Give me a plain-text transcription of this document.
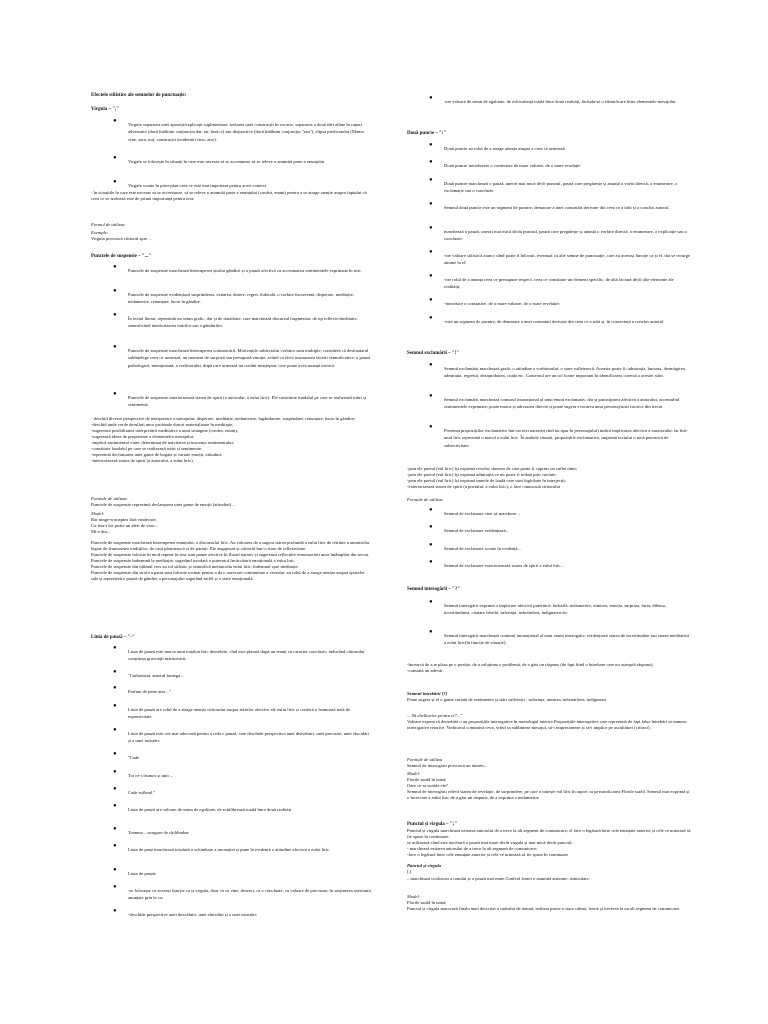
Efectele stilistice ale semnelor de punctuație:
Virgula – ","
●
Virgula separarea unei apoziții/explicații suplimentare, izolarea unei construcții în vocativ, separarea a două idei aflate în raport adversativ (dacă întâlnim conjuncția dar, iar, însă,ci) sau disjunctive (dacă întâlnim conjuncția "sau"), elipsa predicatului (Mama vine, sora, nu), construcții incidentă (vino, zise).
●
Virgula se folosește în situații în care este necesar să se accentueze să se releve o anumită parte a enunțului.
●
Virgula scoate în prim-plan ceea ce este mai important pentru acest context.
- în situațiile în care este necesar să se accentueze, să se releve o anumită parte a enunțului (cuvânt, enunț) pentru a se atrage atenție asupra faptului că ceea ce se izolează este de primă importanță pentru text;
Formul de utilizat:
Exemple:
Virgula provoacă cititorul spre ...
Punctele de suspensie – "..."
●
Punctele de suspensie marchează întreruperea șirului gândirii și o pauză afectivă cu accentuarea sentimentele exprimate în text.
●
Punctele de suspensie evidențiază surprinderea, ezitarea, durere, regret, îndoială, o vorbire încoerentă, disperare, meditație, nedumerire, renunțare, lucru în gândire.
●
În textul literar, reprezintă un semn grafic, dar și de tonalitate, care marchează discursul fragmentar, de tip reflexiv/meditativ, semnificând interiorizarea trăirilor sau a gândurilor.
●
Punctele de suspensie marchează întreruperea comunicării. Motivațiile subiectului vorbitor sunt multiple; consideră că destinatarul subînțelege ceea ce urmează; un moment de surpriză sau presupusă emoție, având ca efect instaurarea tăcerii semnificative; o pauză psihologică, intenționată; a vorbitorului, după care urmează un cuvânt neașteptat, care poate avea nuanță ironică.
●
Punctele de suspensie interiorizează starea de spirit (a autorului, a eului liric). Ele constituie fundalul pe care se realizează trăiri și sentimente.
- deschid diverse perspective de interpretare a mesajului: disperare, meditație, nedumerire, îngândurare, suspendare, renunțare, lucru în gândire;
-deschid unde verde derulării unor profunde durori materializate în meditație;
-sugerează posibilitatea interpretării meditative a unui sintagme (cuvânt, enunț);
-sugerează ideea de proprietate a elementelor mesajului;
-implică sentimentul vinei, determinat de naivitatea și inocența sentimentului;
-constituie fundalul pe care se realizează trăiri și sentimente;
-reprezintă declanșarea unei game de bogate și variate emoții, atitudini;
-interiorizează starea de spirit (a autorului, a eului liric)
Formule de utilizat:
Punctele de suspensie reprezintă declanșarea unei game de emoții (atitudini) ...
Model:
Rar ninge-n noaptea fără vindecare,
Cu lera-i lor poate un alert de vaac...
Mi-e dor...
Punctele de suspensie marchează întreruperea enunțului, a discursului liric. Au valoarea de a sugera starea profundă a eului liric de retrăire a amintirilor legate de frumusețea tradițiilor, de casă părintească și de părinți. Ele angajează și cititorul într-o stare de reflexivitate.
Punctele de suspensie folosite în mod repetat în text sunt pauze afective în fluxul narativ și sugerează reflecțiile remomorării unor întâmplări din trecut.
Punctele de suspensie îndeamnă la meditație, sugerând totodată o puternică încărcătură emoțională a eului liric.
Punctele de suspensie din ultimul vers au rol stilistic și semnifică melancolia eului liric, îndemnul spre meditație.
Punctele de suspensie din strofa a patra sunt folosite tocmai pentru a da o oarecare continuitate a versului, au rolul de a atrage atenția asupra spuselor sale și reprezintă o pauză de gândire a personajului sugerând astfel și o stare emoțională.
Linia de pauză – "-"
●
Linia de pauză este marca unui tonalon liric deosebite, cînd este plasată după un enunț cu caracter conclusiv, inducând cititorului conștiința gravității mărturisirii:
●
"Carbonizat, amorul fumega –
●
Parfum de pene arse..."
●
Linia de pauză are rolul de a atrage atenția cititorului asupra trăirilor afective ale eului liric și conferă o frumoasă notă de expresivitate.
●
Linia de pauză este cea mai adecvată pentru a reda o pauză, care deschide perspectiva unei dezvăluiri, unei precizări, unei elucidări și a unei insistări.
●
"Cade
●
Tot ce-i frumos și unic –
●
Cade sufletul."
●
Linia de pauză are valoare de semn de egalitate, de echilibrează totală între două realități
●
Toamna – strugure de chihlimbar
●
Linia de pauz marchează totodată o schimbare a intonației și pune în evidență o atitudine afectivă a eului liric.
●
Linia de pauză:
●
-se folosește cu aceeași funcție ca și virgula, doar că cu vine, deseori, ca o concluzie, cu valoare de precizare, în susținerea asertiunii anunțate prin la ca;
●
-deschide perspective unei dezvăluiri, unei elucidări și a unei insistări;
●
-are valoare de semn de egalitate, de echivalență totală între două realități, făcînda-se o identificare între elementele mesajului.
Două puncte – ":"
●
Două puncte au rolul de a atrage atenția asupra a ceea ce urmează.
●
Două puncte introducere o contestare de mare valoare, de o mare revelație
●
Două puncte marchează o pauză, uneori mai mică decît punctul, pauză care pregătește și anunță o vorbi directă, o enumerare, o exclamație sau o concluzie.
●
Semnul două puncte este un segment de pornire, demarare a unei constatări derivate din ceea ce a trăit și a conclus autorul.
●
marchează o pauză, uneori mai mică decât punctul, pauză care pregătește și anunță o vorbire directă, o enumerare, o explicație sau o concluzie;
●
-are valoare stilistică atunci când poate fi înlocuit, eventual cu alte semne de punctuație, care au aceeași funcție ca și el, dar se recurge anume la el;
●
-are rolul de a anunța ceea ce presupune respect, ceea ce constituie un element specific, de altă factură decît alte elemente ale realității;
●
-introduce o constatare, de o mare valoare, de o mare revelație;
●
-este un segment de pornire, de demarare a unei constatări derivate din ceea ce a trăit și, în consecință a conclus autorul
Semnul exclamării – "!"
●
Semnul exclamării marchează grafic o atitudine a vorbitorului, o stare sufletească. Aceasta poate fi: admirația, bucuria, dezmăgirea, admirația, regretul, dezaprobarea, ciuda etc. Contextul are un rol foarte important în identificarea corectă a acestei stări.
●
Semnul exclamării marchează conturul intonațional al unui enunț exclamativ, dar și participarea afectivă a autorului, accentuînd sentimentele exprimate; poate marca și adresarea directă și poate sugera evocarea unui personaj/unei istorice din trecut
●
Prezența propozițiilor exclamative într-un text narrativ(cînd nu apar în personajului) indică implicarea afectivă a naratorului, iar într-unul liric reprezintă o marcă a eului liric. În ambele situații, propozițiile exclamative, imprimă textului o notă puternică de subiectivitate.
-prin ele poetul (eul liric) își exprimă revolta, durerea de care poate fi cuprins un suflet rănit;
-prin ele poetul (eul liric) își exprimă admirația ce nu poate fi redată prin cuvinte;
-prin ele poetul (eul liric) își exprimă imnele de laudă care sunt înglobate în interjecții;
-exteriorizează starea de spirit (a poetului, a eului liric), o face cunoscută cititorului
Formule de utilizat:
●
Semnul de exclamare vine să marcheze...
●
Semnul de exclamare evidențiază...
●
Semnul de exclamare scoate în evidență...
●
Semnul de exclamare exteriorizează starea de spirit a eului liric...
Semnul interogării – "?"
●
Semnul interogării exprimă o implicare afectivă puternică: îndoială, nedumerire, uimirea, emoția, surpriza, furia, dilema, incertitudinea, căutare febrilă, suferința, nehotărîrea, indignarea etc.
●
Semnul interogării marchează conturul intonațional al unui enunț interogativ, evidențiază starea de incertitudine sau starea meditativă a eului liric(în funcție de situație):
-încearcă de a te plasa pe o poziție, de a soluționa o problemă, de a găsi un răspuns (de fapt fiind o întrebare care nu așteaptă răspuns);
-constată un adevăr
Semnul întrebării [?]
Poate sugera și el o gamă variată de sentimente și stări sufletești : suferința, uimirea, nehotărârea, indignarea
... Să chelluieisc pentru el?..."
Valoare expresivă deosebită o au propozițiile interogative în monologul interior.Propozițiile interogative care reprezintă de fapt false întrebări se numesc interogative retorice. Vorbitorul comunică ceva, vrînd sa sublinieze mesajul, să-i impresioneze și să-i implice pe ascultători (cititori).
Formule de utilizat
Semnul de interogării provoacă un intares...
Model:
Florile surâd în taină;
Oare ce-ar surâde ele?
Semnul de interogării relevă starea de revelație, de surprindere, pe care o trăiește eul liric în raport cu personificarea Florile surâd. Semnul mai exprimă și o încercare a eului liric de a găsi un răspuns, de a exprima o nedumerire.
Punctul și virgula – ";"
Punctul și virgula marchează ezitarea autorului de a trece la alt segment de comunicare; el face o legătură între cele enunțate anterior și cele ce urmează să fie spuse în continuare.
se utilizează când este necesară o pauză mai mare decât virgula și mai mică decât punctul;
- marchează ezitarea autorului de a trece la alt segment de comunicare;
-face o legătură între cele enunțate anterior și cele ce urmează să fie spuse în continuare
Punctul și virgula
[;]
– marchează ocoloarea a tonului și o pauză mai mare.Conferă frazei o anumită armonie, ritmicitate.
Model:
Florile surâd în taină;
Punctul și virgula marcează finalu unei descrieri a cadrului de natură, realizat printr-o stare calmă, feerie și trecerea la un alt segment de comunicare.
